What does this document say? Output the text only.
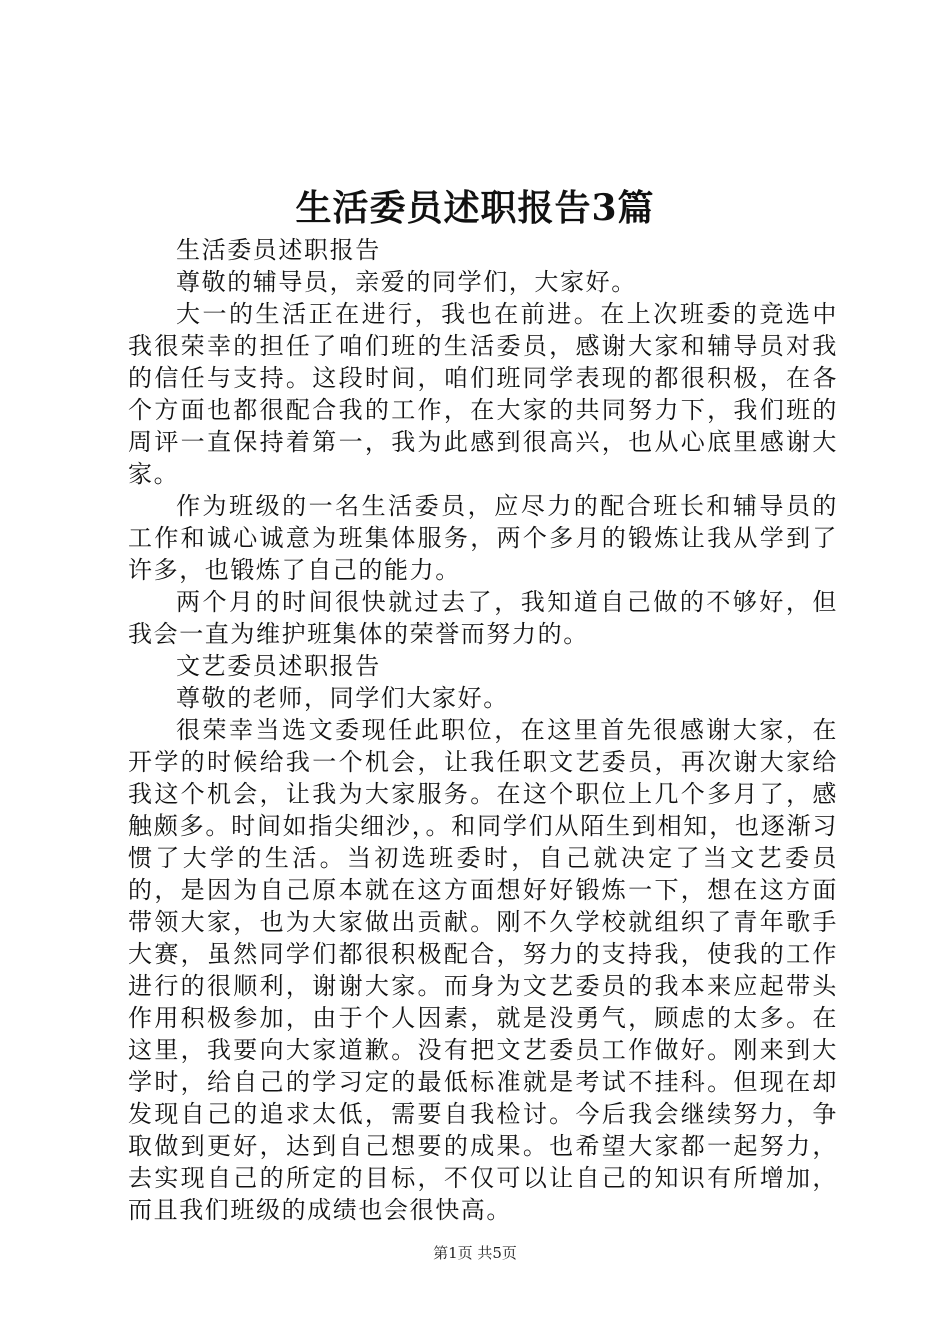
生活委员述职报告3篇

生活委员述职报告

尊敬的辅导员，亲爱的同学们，大家好。

大一的生活正在进行，我也在前进。在上次班委的竞选中我很荣幸的担任了咱们班的生活委员，感谢大家和辅导员对我的信任与支持。这段时间，咱们班同学表现的都很积极，在各个方面也都很配合我的工作，在大家的共同努力下，我们班的周评一直保持着第一，我为此感到很高兴，也从心底里感谢大家。

作为班级的一名生活委员，应尽力的配合班长和辅导员的工作和诚心诚意为班集体服务，两个多月的锻炼让我从学到了许多，也锻炼了自己的能力。

两个月的时间很快就过去了，我知道自己做的不够好，但我会一直为维护班集体的荣誉而努力的。

文艺委员述职报告

尊敬的老师，同学们大家好。

很荣幸当选文委现任此职位，在这里首先很感谢大家，在开学的时候给我一个机会，让我任职文艺委员，再次谢大家给我这个机会，让我为大家服务。在这个职位上几个多月了，感触颇多。时间如指尖细沙，。和同学们从陌生到相知，也逐渐习惯了大学的生活。当初选班委时，自己就决定了当文艺委员的，是因为自己原本就在这方面想好好锻炼一下，想在这方面带领大家，也为大家做出贡献。刚不久学校就组织了青年歌手大赛，虽然同学们都很积极配合，努力的支持我，使我的工作进行的很顺利，谢谢大家。而身为文艺委员的我本来应起带头作用积极参加，由于个人因素，就是没勇气，顾虑的太多。在这里，我要向大家道歉。没有把文艺委员工作做好。刚来到大学时，给自己的学习定的最低标准就是考试不挂科。但现在却发现自己的追求太低，需要自我检讨。今后我会继续努力，争取做到更好，达到自己想要的成果。也希望大家都一起努力，去实现自己的所定的目标，不仅可以让自己的知识有所增加，而且我们班级的成绩也会很快高。

第1页 共5页
